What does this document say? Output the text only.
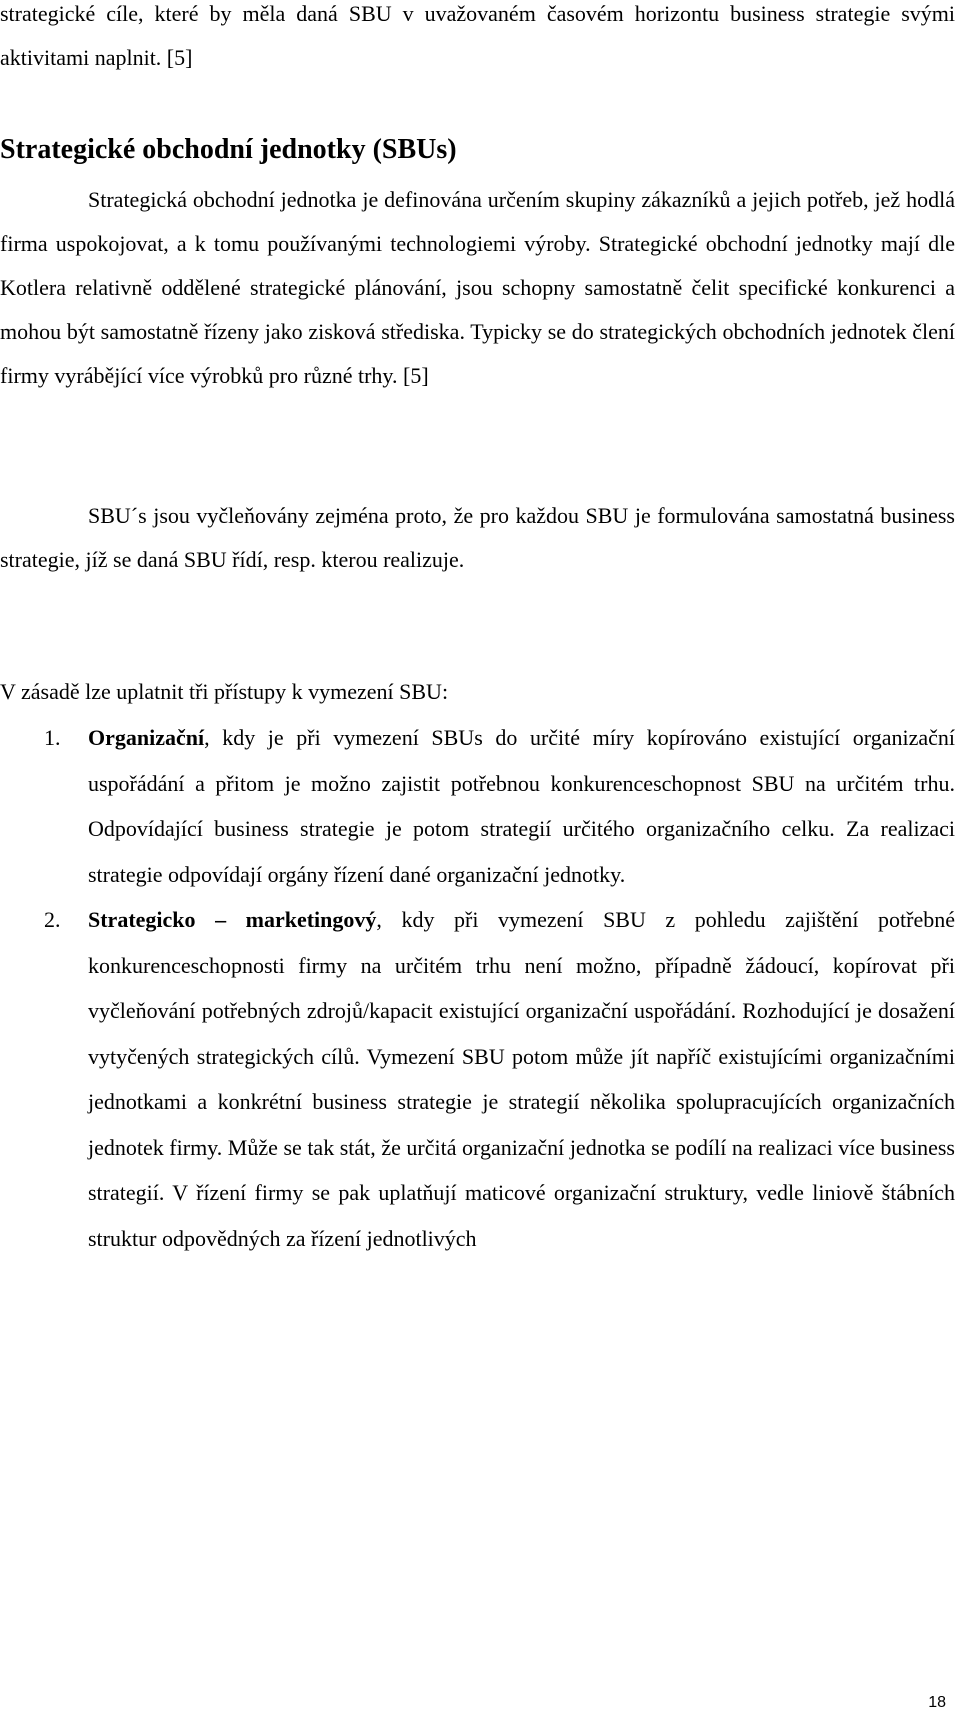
strategické cíle, které by měla daná SBU v uvažovaném časovém horizontu business strategie svými aktivitami naplnit. [5]

Strategické obchodní jednotky (SBUs)

Strategická obchodní jednotka je definována určením skupiny zákazníků a jejich potřeb, jež hodlá firma uspokojovat, a k tomu používanými technologiemi výroby. Strategické obchodní jednotky mají dle Kotlera relativně oddělené strategické plánování, jsou schopny samostatně čelit specifické konkurenci a mohou být samostatně řízeny jako zisková střediska. Typicky se do strategických obchodních jednotek člení firmy vyrábějící více výrobků pro různé trhy. [5]

SBU´s jsou vyčleňovány zejména proto, že pro každou SBU je formulována samostatná business strategie, jíž se daná SBU řídí, resp. kterou realizuje.

V zásadě lze uplatnit tři přístupy k vymezení SBU:

1. Organizační, kdy je při vymezení SBUs do určité míry kopírováno existující organizační uspořádání a přitom je možno zajistit potřebnou konkurenceschopnost SBU na určitém trhu. Odpovídající business strategie je potom strategií určitého organizačního celku. Za realizaci strategie odpovídají orgány řízení dané organizační jednotky.
2. Strategicko – marketingový, kdy při vymezení SBU z pohledu zajištění potřebné konkurenceschopnosti firmy na určitém trhu není možno, případně žádoucí, kopírovat při vyčleňování potřebných zdrojů/kapacit existující organizační uspořádání. Rozhodující je dosažení vytyčených strategických cílů. Vymezení SBU potom může jít napříč existujícími organizačními jednotkami a konkrétní business strategie je strategií několika spolupracujících organizačních jednotek firmy. Může se tak stát, že určitá organizační jednotka se podílí na realizaci více business strategií. V řízení firmy se pak uplatňují maticové organizační struktury, vedle liniově štábních struktur odpovědných za řízení jednotlivých
18
